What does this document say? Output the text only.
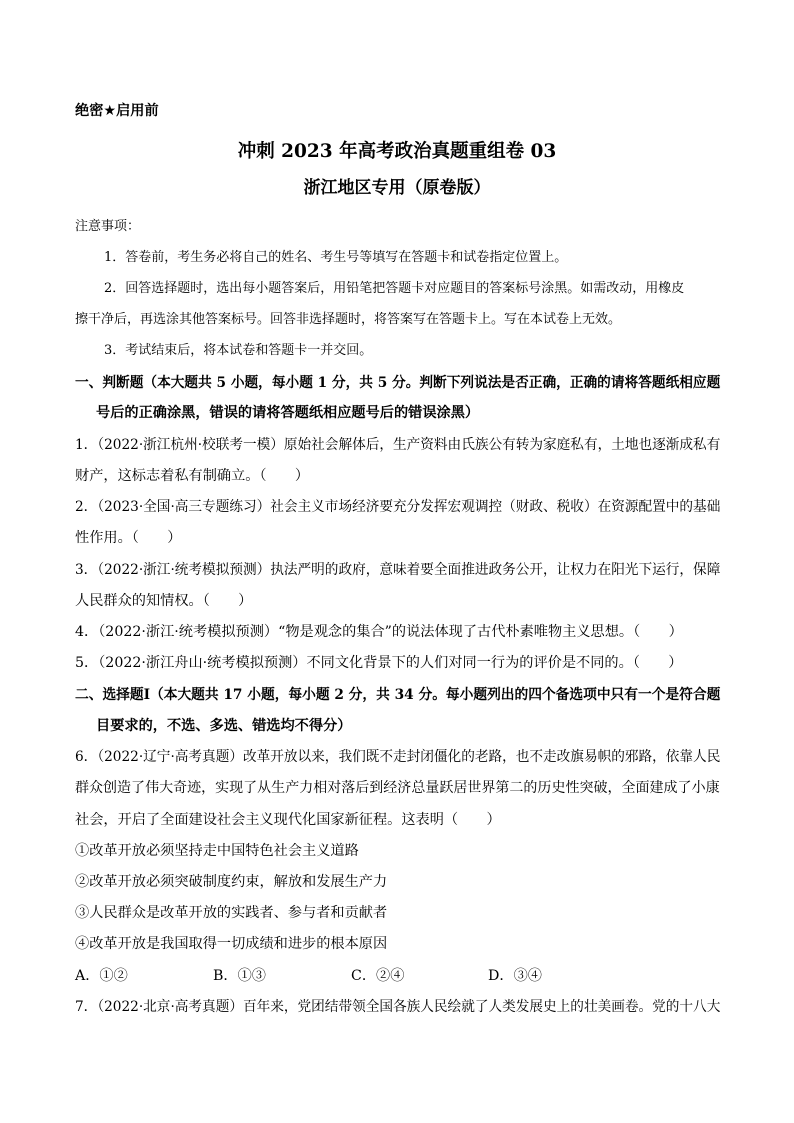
绝密★启用前
冲刺 2023 年高考政治真题重组卷 03
浙江地区专用（原卷版）
注意事项：
1．答卷前，考生务必将自己的姓名、考生号等填写在答题卡和试卷指定位置上。
2．回答选择题时，选出每小题答案后，用铅笔把答题卡对应题目的答案标号涂黑。如需改动，用橡皮
擦干净后，再选涂其他答案标号。回答非选择题时，将答案写在答题卡上。写在本试卷上无效。
3．考试结束后，将本试卷和答题卡一并交回。
一、判断题（本大题共 5 小题，每小题 1 分，共 5 分。判断下列说法是否正确，正确的请将答题纸相应题
号后的正确涂黑，错误的请将答题纸相应题号后的错误涂黑）
1．（2022·浙江杭州·校联考一模）原始社会解体后，生产资料由氏族公有转为家庭私有，土地也逐渐成私有
财产，这标志着私有制确立。（　　）
2．（2023·全国·高三专题练习）社会主义市场经济要充分发挥宏观调控（财政、税收）在资源配置中的基础
性作用。（　　）
3．（2022·浙江·统考模拟预测）执法严明的政府，意味着要全面推进政务公开，让权力在阳光下运行，保障
人民群众的知情权。（　　）
4．（2022·浙江·统考模拟预测）“物是观念的集合”的说法体现了古代朴素唯物主义思想。（　　）
5．（2022·浙江舟山·统考模拟预测）不同文化背景下的人们对同一行为的评价是不同的。（　　）
二、选择题Ⅰ（本大题共 17 小题，每小题 2 分，共 34 分。每小题列出的四个备选项中只有一个是符合题
目要求的，不选、多选、错选均不得分）
6．（2022·辽宁·高考真题）改革开放以来，我们既不走封闭僵化的老路，也不走改旗易帜的邪路，依靠人民
群众创造了伟大奇迹，实现了从生产力相对落后到经济总量跃居世界第二的历史性突破，全面建成了小康
社会，开启了全面建设社会主义现代化国家新征程。这表明（　　）
①改革开放必须坚持走中国特色社会主义道路
②改革开放必须突破制度约束，解放和发展生产力
③人民群众是改革开放的实践者、参与者和贡献者
④改革开放是我国取得一切成绩和进步的根本原因
A．①②	B．①③	C．②④	D．③④
7．（2022·北京·高考真题）百年来，党团结带领全国各族人民绘就了人类发展史上的壮美画卷。党的十八大
